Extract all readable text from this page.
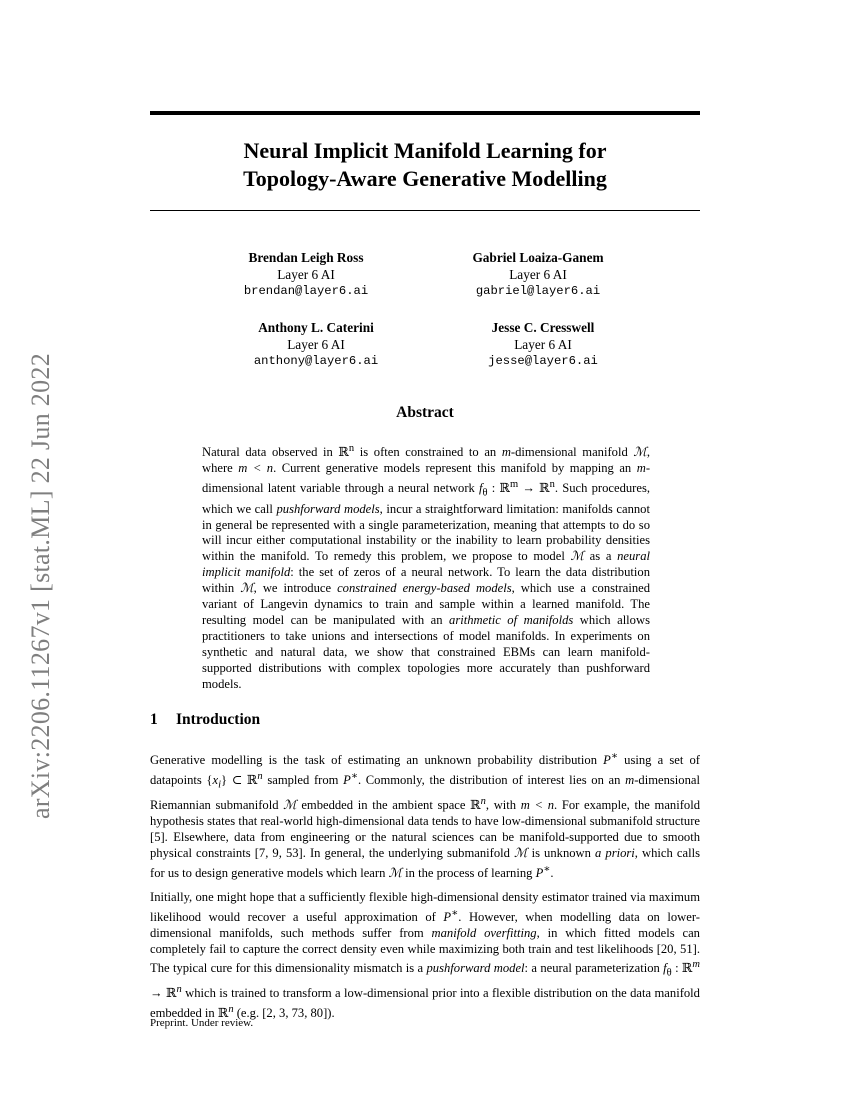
arXiv:2206.11267v1 [stat.ML] 22 Jun 2022
Neural Implicit Manifold Learning for
Topology-Aware Generative Modelling
Brendan Leigh Ross
Layer 6 AI
brendan@layer6.ai
Gabriel Loaiza-Ganem
Layer 6 AI
gabriel@layer6.ai
Anthony L. Caterini
Layer 6 AI
anthony@layer6.ai
Jesse C. Cresswell
Layer 6 AI
jesse@layer6.ai
Abstract
Natural data observed in ℝ$^n$ is often constrained to an m-dimensional manifold ℳ, where m < n. Current generative models represent this manifold by mapping an m-dimensional latent variable through a neural network $f_\theta$ : ℝ$^m$ → ℝ$^n$. Such procedures, which we call pushforward models, incur a straightforward limitation: manifolds cannot in general be represented with a single parameterization, meaning that attempts to do so will incur either computational instability or the inability to learn probability densities within the manifold. To remedy this problem, we propose to model ℳ as a neural implicit manifold: the set of zeros of a neural network. To learn the data distribution within ℳ, we introduce constrained energy-based models, which use a constrained variant of Langevin dynamics to train and sample within a learned manifold. The resulting model can be manipulated with an arithmetic of manifolds which allows practitioners to take unions and intersections of model manifolds. In experiments on synthetic and natural data, we show that constrained EBMs can learn manifold-supported distributions with complex topologies more accurately than pushforward models.
1 Introduction

Generative modelling is the task of estimating an unknown probability distribution P∗ using a set of datapoints $\{x_i\}$ ⊂ ℝ$^n$ sampled from P∗. Commonly, the distribution of interest lies on an m-dimensional Riemannian submanifold ℳ embedded in the ambient space ℝ$^n$, with m < n. For example, the manifold hypothesis states that real-world high-dimensional data tends to have low-dimensional submanifold structure [5]. Elsewhere, data from engineering or the natural sciences can be manifold-supported due to smooth physical constraints [7, 9, 53]. In general, the underlying submanifold ℳ is unknown a priori, which calls for us to design generative models which learn ℳ in the process of learning P∗.

Initially, one might hope that a sufficiently flexible high-dimensional density estimator trained via maximum likelihood would recover a useful approximation of P∗. However, when modelling data on lower-dimensional manifolds, such methods suffer from manifold overfitting, in which fitted models can completely fail to capture the correct density even while maximizing both train and test likelihoods [20, 51]. The typical cure for this dimensionality mismatch is a pushforward model: a neural parameterization $f_\theta$ : ℝ$^m$ → ℝ$^n$ which is trained to transform a low-dimensional prior into a flexible distribution on the data manifold embedded in ℝ$^n$ (e.g. [2, 3, 73, 80]).

Preprint. Under review.
